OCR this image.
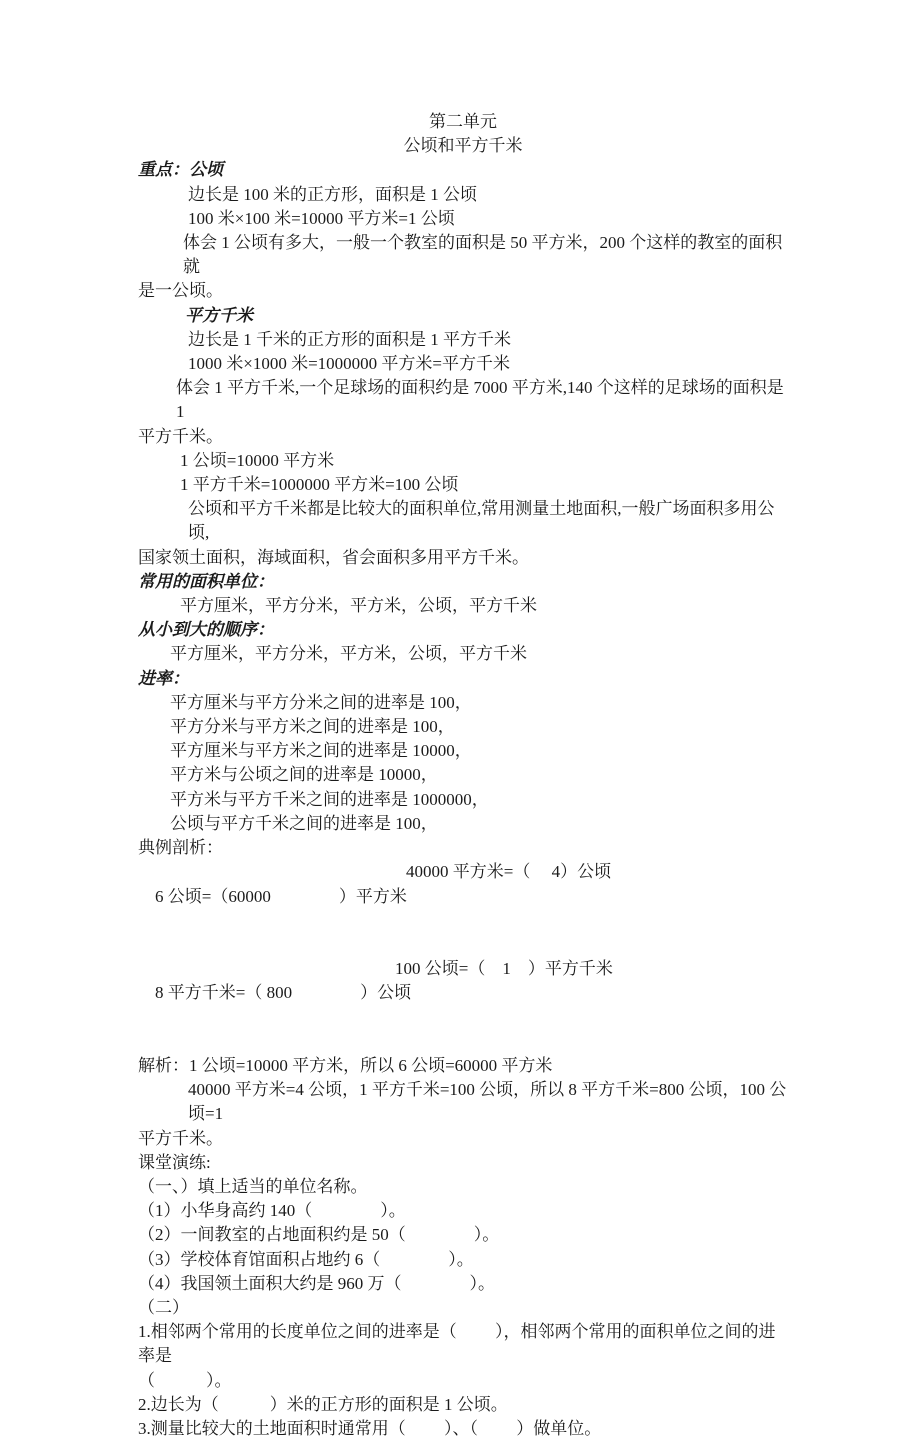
第二单元
公顷和平方千米
重点：公顷
边长是 100 米的正方形，面积是 1 公顷
100 米×100 米=10000 平方米=1 公顷
体会 1 公顷有多大，一般一个教室的面积是 50 平方米，200 个这样的教室的面积就
是一公顷。
平方千米
边长是 1 千米的正方形的面积是 1 平方千米
1000 米×1000 米=1000000 平方米=平方千米
体会 1 平方千米,一个足球场的面积约是 7000 平方米,140 个这样的足球场的面积是 1
平方千米。
1 公顷=10000 平方米
1 平方千米=1000000 平方米=100 公顷
公顷和平方千米都是比较大的面积单位,常用测量土地面积,一般广场面积多用公顷,
国家领土面积，海域面积，省会面积多用平方千米。
常用的面积单位：
平方厘米，平方分米，平方米，公顷，平方千米
从小到大的顺序：
平方厘米，平方分米，平方米，公顷，平方千米
进率：
平方厘米与平方分米之间的进率是 100，
平方分米与平方米之间的进率是 100，
平方厘米与平方米之间的进率是 10000，
平方米与公顷之间的进率是 10000，
平方米与平方千米之间的进率是 1000000，
公顷与平方千米之间的进率是 100，
典例剖析：

6 公顷=（60000　　　　）平方米

40000 平方米=（　 4）公顷

8 平方千米=（ 800　　　　）公顷

100 公顷=（　1　）平方千米

解析：1 公顷=10000 平方米，所以 6 公顷=60000 平方米
40000 平方米=4 公顷，1 平方千米=100 公顷，所以 8 平方千米=800 公顷，100 公顷=1
平方千米。
课堂演练:
（一、）填上适当的单位名称。
（1）小华身高约 140（　　　　）。
（2）一间教室的占地面积约是 50（　　　　）。
（3）学校体育馆面积占地约 6（　　　　）。
（4）我国领土面积大约是 960 万（　　　　）。
（二）
1.相邻两个常用的长度单位之间的进率是（　　 ），相邻两个常用的面积单位之间的进率是
（　　　）。
2.边长为（　　　）米的正方形的面积是 1 公顷。
3.测量比较大的土地面积时通常用（　　 ）、（　　 ）做单位。
